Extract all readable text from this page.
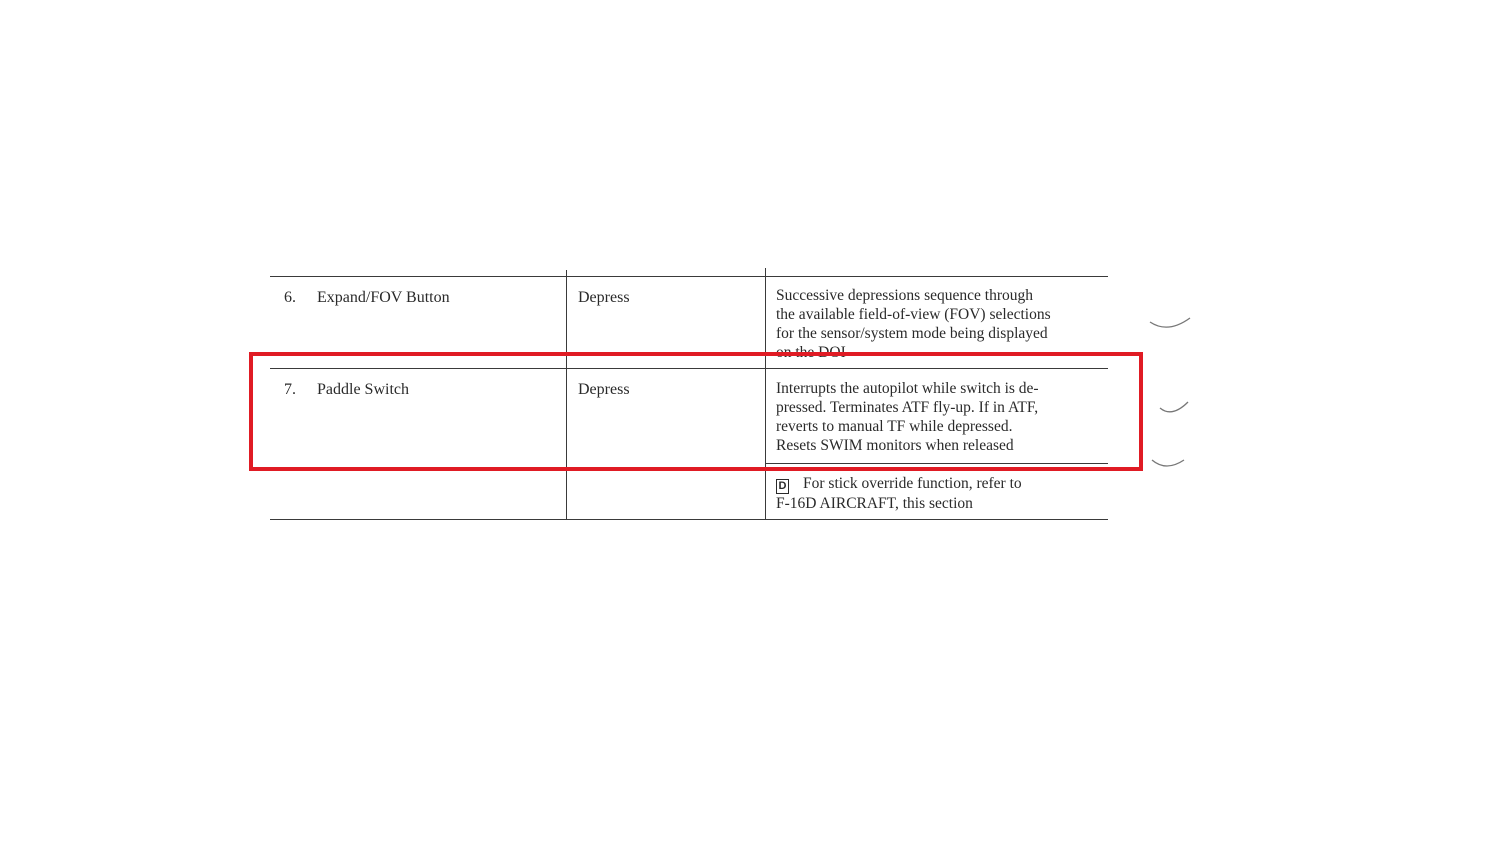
6. Expand/FOV Button	Depress	Successive depressions sequence through
the available field-of-view (FOV) selections
for the sensor/system mode being displayed
on the DOI
7. Paddle Switch	Depress	Interrupts the autopilot while switch is de-
pressed. Terminates ATF fly-up. If in ATF,
reverts to manual TF while depressed.
Resets SWIM monitors when released
D For stick override function, refer to
F-16D AIRCRAFT, this section
